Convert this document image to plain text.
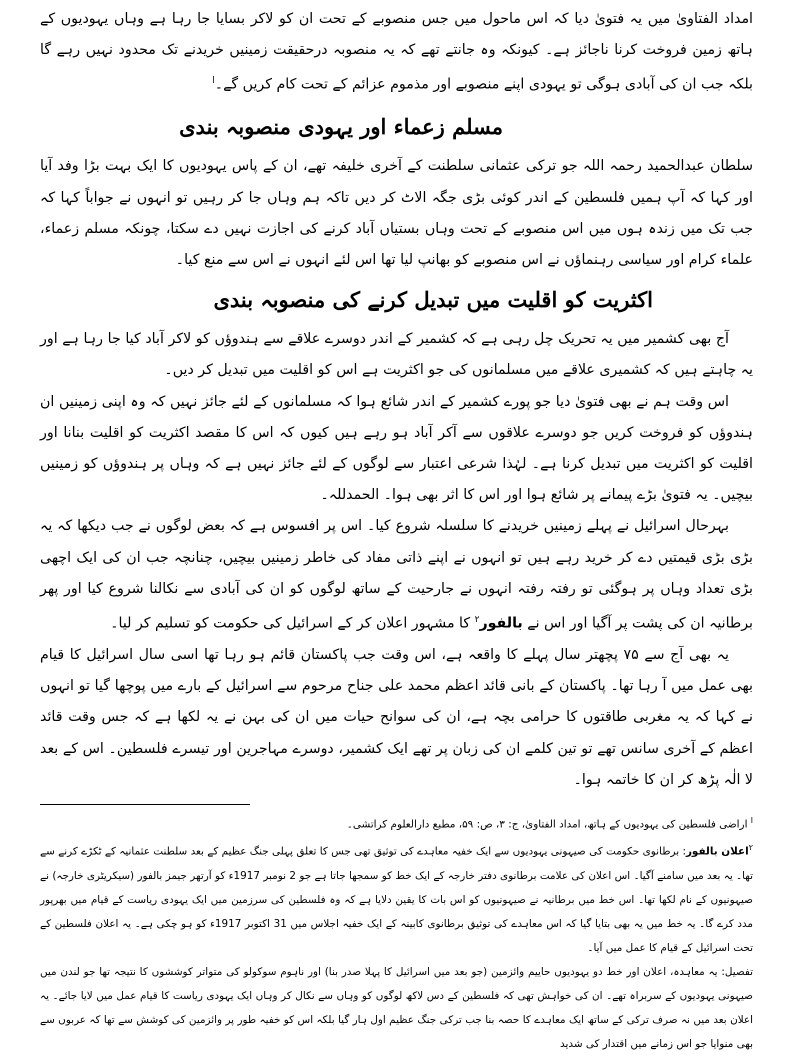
امداد الفتاویٰ میں یہ فتویٰ دیا کہ اس ماحول میں جس منصوبے کے تحت ان کو لاکر بسایا جا رہا ہے وہاں یہودیوں کے ہاتھ زمین فروخت کرنا ناجائز ہے۔ کیونکہ وہ جانتے تھے کہ یہ منصوبہ درحقیقت زمینیں خریدنے تک محدود نہیں رہے گا بلکہ جب ان کی آبادی ہوگی تو یہودی اپنے منصوبے اور مذموم عزائم کے تحت کام کریں گے۔$^ا$

مسلم زعماء اور یہودی منصوبہ بندی

سلطان عبدالحمید رحمہ اللہ جو ترکی عثمانی سلطنت کے آخری خلیفہ تھے، ان کے پاس یہودیوں کا ایک بہت بڑا وفد آیا اور کہا کہ آپ ہمیں فلسطین کے اندر کوئی بڑی جگہ الاٹ کر دیں تاکہ ہم وہاں جا کر رہیں تو انہوں نے جواباً کہا کہ جب تک میں زندہ ہوں میں اس منصوبے کے تحت وہاں بستیاں آباد کرنے کی اجازت نہیں دے سکتا، چونکہ مسلم زعماء، علماء کرام اور سیاسی رہنماؤں نے اس منصوبے کو بھانپ لیا تھا اس لئے انہوں نے اس سے منع کیا۔

اکثریت کو اقلیت میں تبدیل کرنے کی منصوبہ بندی

آج بھی کشمیر میں یہ تحریک چل رہی ہے کہ کشمیر کے اندر دوسرے علاقے سے ہندوؤں کو لاکر آباد کیا جا رہا ہے اور یہ چاہتے ہیں کہ کشمیری علاقے میں مسلمانوں کی جو اکثریت ہے اس کو اقلیت میں تبدیل کر دیں۔

اس وقت ہم نے بھی فتویٰ دیا جو پورے کشمیر کے اندر شائع ہوا کہ مسلمانوں کے لئے جائز نہیں کہ وہ اپنی زمینیں ان ہندوؤں کو فروخت کریں جو دوسرے علاقوں سے آکر آباد ہو رہے ہیں کیوں کہ اس کا مقصد اکثریت کو اقلیت بنانا اور اقلیت کو اکثریت میں تبدیل کرنا ہے۔ لہٰذا شرعی اعتبار سے لوگوں کے لئے جائز نہیں ہے کہ وہاں پر ہندوؤں کو زمینیں بیچیں۔ یہ فتویٰ بڑے پیمانے پر شائع ہوا اور اس کا اثر بھی ہوا۔ الحمدللہ۔

بہرحال اسرائیل نے پہلے زمینیں خریدنے کا سلسلہ شروع کیا۔ اس پر افسوس ہے کہ بعض لوگوں نے جب دیکھا کہ یہ بڑی بڑی قیمتیں دے کر خرید رہے ہیں تو انہوں نے اپنے ذاتی مفاد کی خاطر زمینیں بیچیں، چنانچہ جب ان کی ایک اچھی بڑی تعداد وہاں پر ہوگئی تو رفتہ رفتہ انہوں نے جارحیت کے ساتھ لوگوں کو ان کی آبادی سے نکالنا شروع کیا اور پھر برطانیہ ان کی پشت پر آگیا اور اس نے بالفور$^۲$ کا مشہور اعلان کر کے اسرائیل کی حکومت کو تسلیم کر لیا۔

یہ بھی آج سے ۷۵ پچھتر سال پہلے کا واقعہ ہے، اس وقت جب پاکستان قائم ہو رہا تھا اسی سال اسرائیل کا قیام بھی عمل میں آ رہا تھا۔ پاکستان کے بانی قائد اعظم محمد علی جناح مرحوم سے اسرائیل کے بارے میں پوچھا گیا تو انہوں نے کہا کہ یہ مغربی طاقتوں کا حرامی بچہ ہے، ان کی سوانح حیات میں ان کی بہن نے یہ لکھا ہے کہ جس وقت قائد اعظم کے آخری سانس تھے تو تین کلمے ان کی زبان پر تھے ایک کشمیر، دوسرے مہاجرین اور تیسرے فلسطین۔ اس کے بعد لا الٰہ پڑھ کر ان کا خاتمہ ہوا۔

$^ا$ اراضی فلسطین کی یہودیوں کے ہاتھ، امداد الفتاویٰ، ج: ۳، ص: ۵۹، مطبع دارالعلوم کراتشی۔

$^۲$اعلان بالفور: برطانوی حکومت کی صیہونی یہودیوں سے ایک خفیہ معاہدے کی توثیق تھی جس کا تعلق پہلی جنگ عظیم کے بعد سلطنت عثمانیہ کے ٹکڑے کرنے سے تھا۔ یہ بعد میں سامنے آگیا۔ اس اعلان کی علامت برطانوی دفتر خارجہ کے ایک خط کو سمجھا جاتا ہے جو 2 نومبر 1917ء کو آرتھر جیمز بالفور (سیکریٹری خارجہ) نے صیہونیوں کے نام لکھا تھا۔ اس خط میں برطانیہ نے صیہونیوں کو اس بات کا یقین دلایا ہے کہ وہ فلسطین کی سرزمین میں ایک یہودی ریاست کے قیام میں بھرپور مدد کرے گا۔ یہ خط میں یہ بھی بتایا گیا کہ اس معاہدے کی توثیق برطانوی کابینہ کے ایک خفیہ اجلاس میں 31 اکتوبر 1917ء کو ہو چکی ہے۔ یہ اعلان فلسطین کے تحت اسرائیل کے قیام کا عمل میں آیا۔

تفصیل: یہ معاہدہ، اعلان اور خط دو یہودیوں حاییم وائزمین (جو بعد میں اسرائیل کا پہلا صدر بنا) اور ناہوم سوکولو کی متواتر کوششوں کا نتیجہ تھا جو لندن میں صیہونی یہودیوں کے سربراہ تھے۔ ان کی خواہش تھی کہ فلسطین کے دس لاکھ لوگوں کو وہاں سے نکال کر وہاں ایک یہودی ریاست کا قیام عمل میں لایا جائے۔ یہ اعلان بعد میں نہ صرف ترکی کے ساتھ ایک معاہدے کا حصہ بنا جب ترکی جنگ عظیم اول ہار گیا بلکہ اس کو خفیہ طور پر وائزمین کی کوشش سے تھا کہ عربوں سے بھی منوایا جو اس زمانے میں اقتدار کی شدید
